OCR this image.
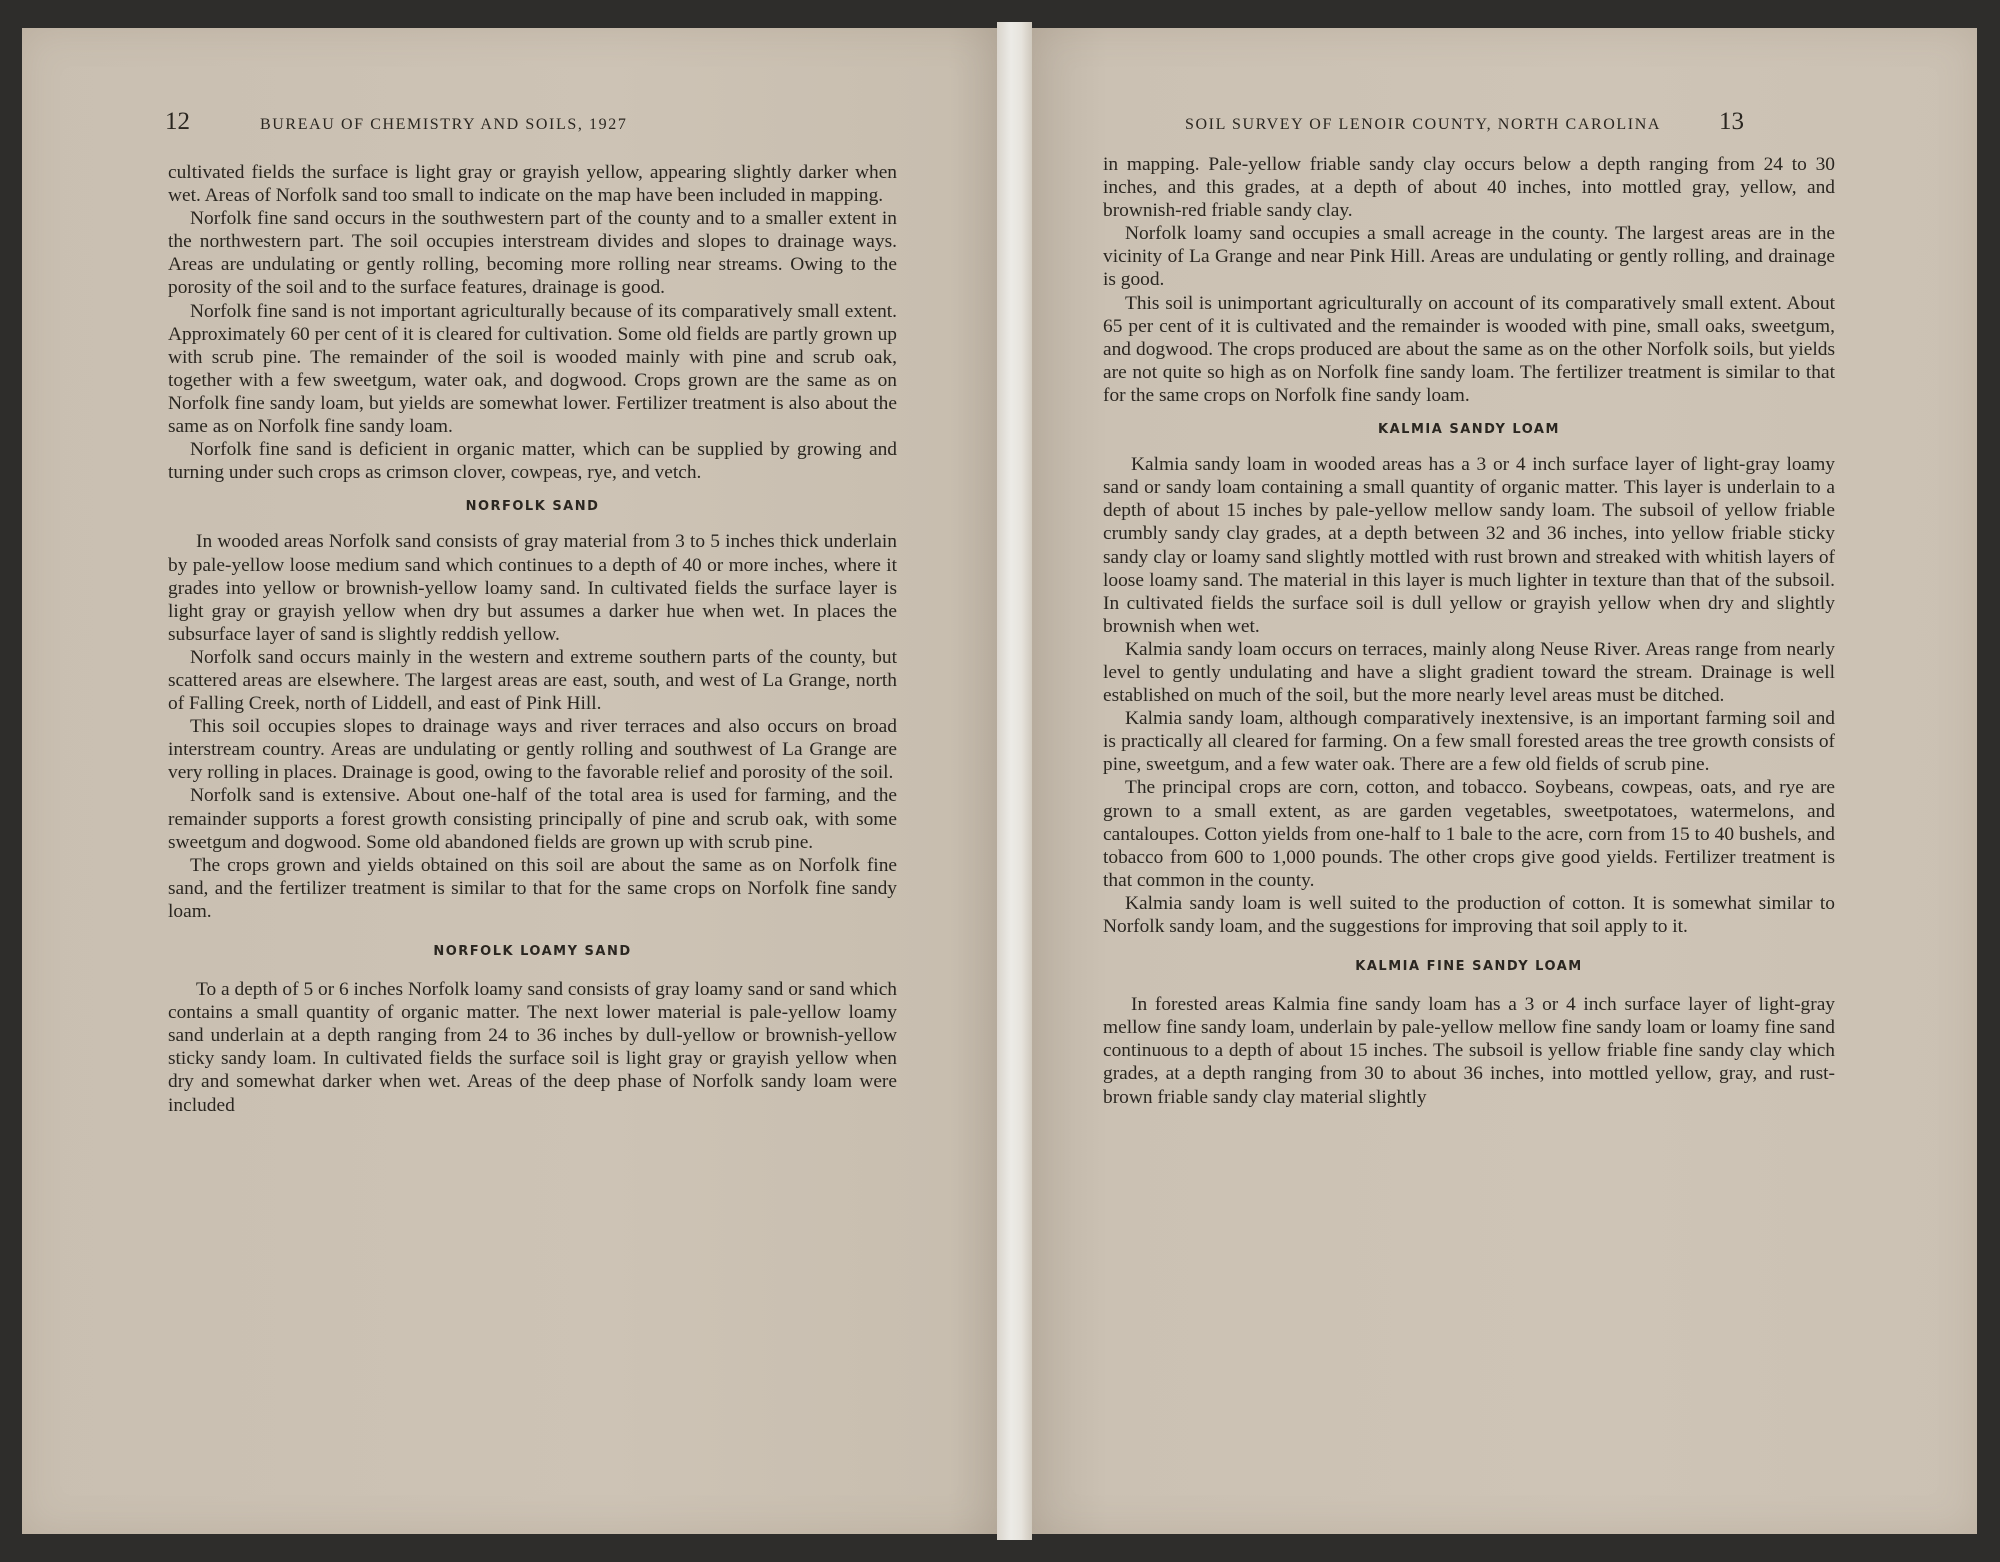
12	BUREAU OF CHEMISTRY AND SOILS, 1927	SOIL SURVEY OF LENOIR COUNTY, NORTH CAROLINA 13

cultivated fields the surface is light gray or grayish yellow, appearing slightly darker when wet. Areas of Norfolk sand too small to indicate on the map have been included in mapping.

Norfolk fine sand occurs in the southwestern part of the county and to a smaller extent in the northwestern part. The soil occupies interstream divides and slopes to drainage ways. Areas are undulating or gently rolling, becoming more rolling near streams. Owing to the porosity of the soil and to the surface features, drainage is good.

Norfolk fine sand is not important agriculturally because of its comparatively small extent. Approximately 60 per cent of it is cleared for cultivation. Some old fields are partly grown up with scrub pine. The remainder of the soil is wooded mainly with pine and scrub oak, together with a few sweetgum, water oak, and dogwood. Crops grown are the same as on Norfolk fine sandy loam, but yields are somewhat lower. Fertilizer treatment is also about the same as on Norfolk fine sandy loam.

Norfolk fine sand is deficient in organic matter, which can be supplied by growing and turning under such crops as crimson clover, cowpeas, rye, and vetch.

NORFOLK SAND

In wooded areas Norfolk sand consists of gray material from 3 to 5 inches thick underlain by pale-yellow loose medium sand which continues to a depth of 40 or more inches, where it grades into yellow or brownish-yellow loamy sand. In cultivated fields the surface layer is light gray or grayish yellow when dry but assumes a darker hue when wet. In places the subsurface layer of sand is slightly reddish yellow.

Norfolk sand occurs mainly in the western and extreme southern parts of the county, but scattered areas are elsewhere. The largest areas are east, south, and west of La Grange, north of Falling Creek, north of Liddell, and east of Pink Hill.

This soil occupies slopes to drainage ways and river terraces and also occurs on broad interstream country. Areas are undulating or gently rolling and southwest of La Grange are very rolling in places. Drainage is good, owing to the favorable relief and porosity of the soil.

Norfolk sand is extensive. About one-half of the total area is used for farming, and the remainder supports a forest growth consisting principally of pine and scrub oak, with some sweetgum and dogwood. Some old abandoned fields are grown up with scrub pine.

The crops grown and yields obtained on this soil are about the same as on Norfolk fine sand, and the fertilizer treatment is similar to that for the same crops on Norfolk fine sandy loam.

NORFOLK LOAMY SAND

To a depth of 5 or 6 inches Norfolk loamy sand consists of gray loamy sand or sand which contains a small quantity of organic matter. The next lower material is pale-yellow loamy sand underlain at a depth ranging from 24 to 36 inches by dull-yellow or brownish-yellow sticky sandy loam. In cultivated fields the surface soil is light gray or grayish yellow when dry and somewhat darker when wet. Areas of the deep phase of Norfolk sandy loam were included

in mapping. Pale-yellow friable sandy clay occurs below a depth ranging from 24 to 30 inches, and this grades, at a depth of about 40 inches, into mottled gray, yellow, and brownish-red friable sandy clay.

Norfolk loamy sand occupies a small acreage in the county. The largest areas are in the vicinity of La Grange and near Pink Hill. Areas are undulating or gently rolling, and drainage is good.

This soil is unimportant agriculturally on account of its comparatively small extent. About 65 per cent of it is cultivated and the remainder is wooded with pine, small oaks, sweetgum, and dogwood. The crops produced are about the same as on the other Norfolk soils, but yields are not quite so high as on Norfolk fine sandy loam. The fertilizer treatment is similar to that for the same crops on Norfolk fine sandy loam.

KALMIA SANDY LOAM

Kalmia sandy loam in wooded areas has a 3 or 4 inch surface layer of light-gray loamy sand or sandy loam containing a small quantity of organic matter. This layer is underlain to a depth of about 15 inches by pale-yellow mellow sandy loam. The subsoil of yellow friable crumbly sandy clay grades, at a depth between 32 and 36 inches, into yellow friable sticky sandy clay or loamy sand slightly mottled with rust brown and streaked with whitish layers of loose loamy sand. The material in this layer is much lighter in texture than that of the subsoil. In cultivated fields the surface soil is dull yellow or grayish yellow when dry and slightly brownish when wet.

Kalmia sandy loam occurs on terraces, mainly along Neuse River. Areas range from nearly level to gently undulating and have a slight gradient toward the stream. Drainage is well established on much of the soil, but the more nearly level areas must be ditched.

Kalmia sandy loam, although comparatively inextensive, is an important farming soil and is practically all cleared for farming. On a few small forested areas the tree growth consists of pine, sweetgum, and a few water oak. There are a few old fields of scrub pine.

The principal crops are corn, cotton, and tobacco. Soybeans, cowpeas, oats, and rye are grown to a small extent, as are garden vegetables, sweetpotatoes, watermelons, and cantaloupes. Cotton yields from one-half to 1 bale to the acre, corn from 15 to 40 bushels, and tobacco from 600 to 1,000 pounds. The other crops give good yields. Fertilizer treatment is that common in the county.

Kalmia sandy loam is well suited to the production of cotton. It is somewhat similar to Norfolk sandy loam, and the suggestions for improving that soil apply to it.

KALMIA FINE SANDY LOAM

In forested areas Kalmia fine sandy loam has a 3 or 4 inch surface layer of light-gray mellow fine sandy loam, underlain by pale-yellow mellow fine sandy loam or loamy fine sand continuous to a depth of about 15 inches. The subsoil is yellow friable fine sandy clay which grades, at a depth ranging from 30 to about 36 inches, into mottled yellow, gray, and rust-brown friable sandy clay material slightly
